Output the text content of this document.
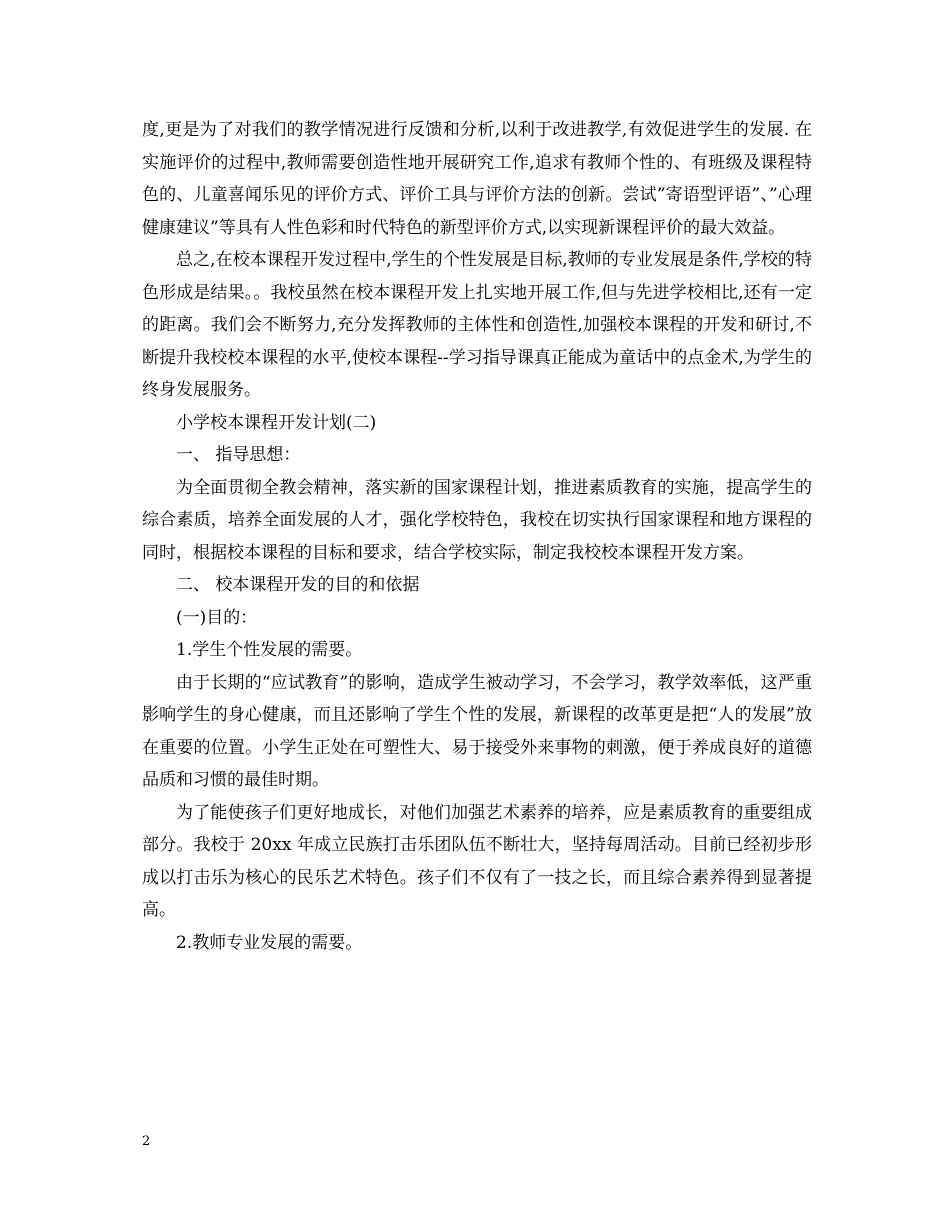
度,更是为了对我们的教学情况进行反馈和分析,以利于改进教学,有效促进学生的发展. 在实施评价的过程中,教师需要创造性地开展研究工作,追求有教师个性的、有班级及课程特色的、儿童喜闻乐见的评价方式、评价工具与评价方法的创新。尝试”寄语型评语”、”心理健康建议”等具有人性色彩和时代特色的新型评价方式,以实现新课程评价的最大效益。

总之,在校本课程开发过程中,学生的个性发展是目标,教师的专业发展是条件,学校的特色形成是结果。。我校虽然在校本课程开发上扎实地开展工作,但与先进学校相比,还有一定的距离。我们会不断努力,充分发挥教师的主体性和创造性,加强校本课程的开发和研讨,不断提升我校校本课程的水平,使校本课程--学习指导课真正能成为童话中的点金术,为学生的终身发展服务。

小学校本课程开发计划(二)

一、 指导思想：

为全面贯彻全教会精神，落实新的国家课程计划，推进素质教育的实施，提高学生的综合素质，培养全面发展的人才，强化学校特色，我校在切实执行国家课程和地方课程的同时，根据校本课程的目标和要求，结合学校实际，制定我校校本课程开发方案。

二、 校本课程开发的目的和依据

(一)目的：

1.学生个性发展的需要。

由于长期的“应试教育”的影响，造成学生被动学习，不会学习，教学效率低，这严重影响学生的身心健康，而且还影响了学生个性的发展，新课程的改革更是把“人的发展”放在重要的位置。小学生正处在可塑性大、易于接受外来事物的刺激，便于养成良好的道德品质和习惯的最佳时期。

为了能使孩子们更好地成长，对他们加强艺术素养的培养，应是素质教育的重要组成部分。我校于 20xx 年成立民族打击乐团队伍不断壮大，坚持每周活动。目前已经初步形成以打击乐为核心的民乐艺术特色。孩子们不仅有了一技之长，而且综合素养得到显著提高。

2.教师专业发展的需要。

2
